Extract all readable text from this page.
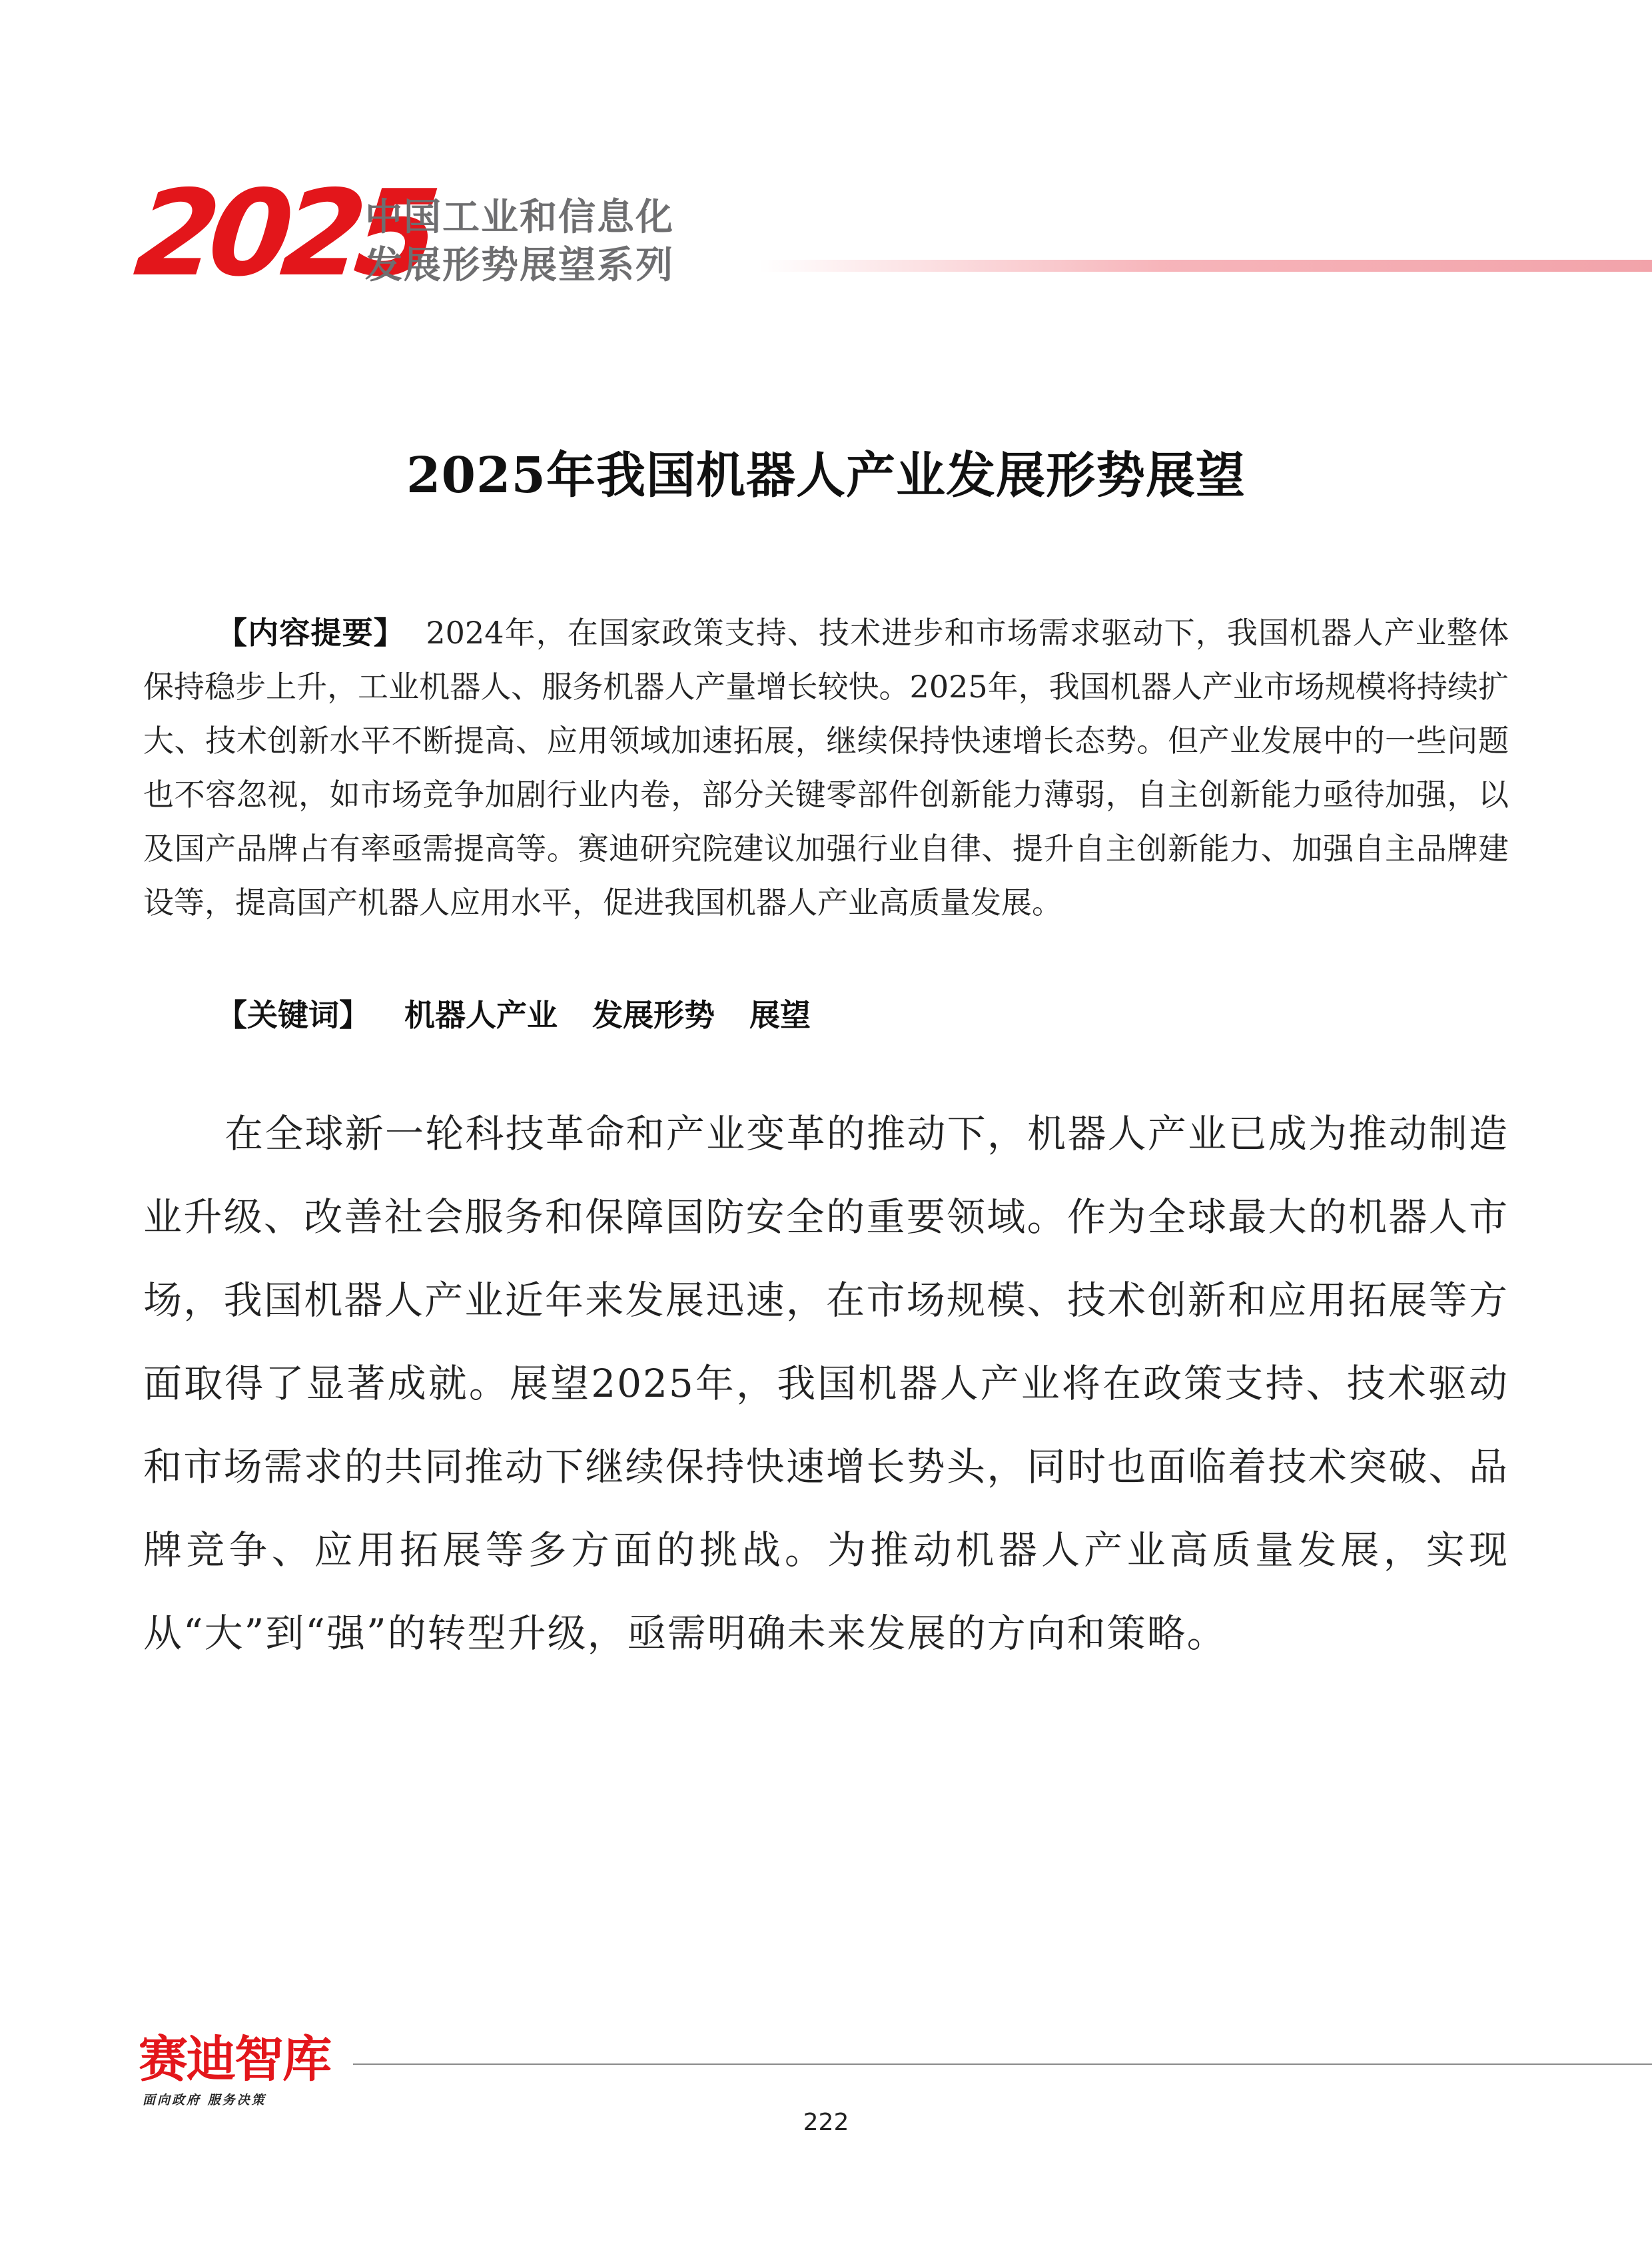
2025
中国工业和信息化
发展形势展望系列
2025年我国机器人产业发展形势展望
【内容提要】 2024年，在国家政策支持、技术进步和市场需求驱动下，我国机器人产业整体保持稳步上升，工业机器人、服务机器人产量增长较快。2025年，我国机器人产业市场规模将持续扩大、技术创新水平不断提高、应用领域加速拓展，继续保持快速增长态势。但产业发展中的一些问题也不容忽视，如市场竞争加剧行业内卷，部分关键零部件创新能力薄弱，自主创新能力亟待加强，以及国产品牌占有率亟需提高等。赛迪研究院建议加强行业自律、提升自主创新能力、加强自主品牌建设等，提高国产机器人应用水平，促进我国机器人产业高质量发展。
【关键词】 机器人产业 发展形势 展望
在全球新一轮科技革命和产业变革的推动下，机器人产业已成为推动制造业升级、改善社会服务和保障国防安全的重要领域。作为全球最大的机器人市场，我国机器人产业近年来发展迅速，在市场规模、技术创新和应用拓展等方面取得了显著成就。展望2025年，我国机器人产业将在政策支持、技术驱动和市场需求的共同推动下继续保持快速增长势头，同时也面临着技术突破、品牌竞争、应用拓展等多方面的挑战。为推动机器人产业高质量发展，实现从“大”到“强”的转型升级，亟需明确未来发展的方向和策略。
赛迪智库
面向政府 服务决策
222
